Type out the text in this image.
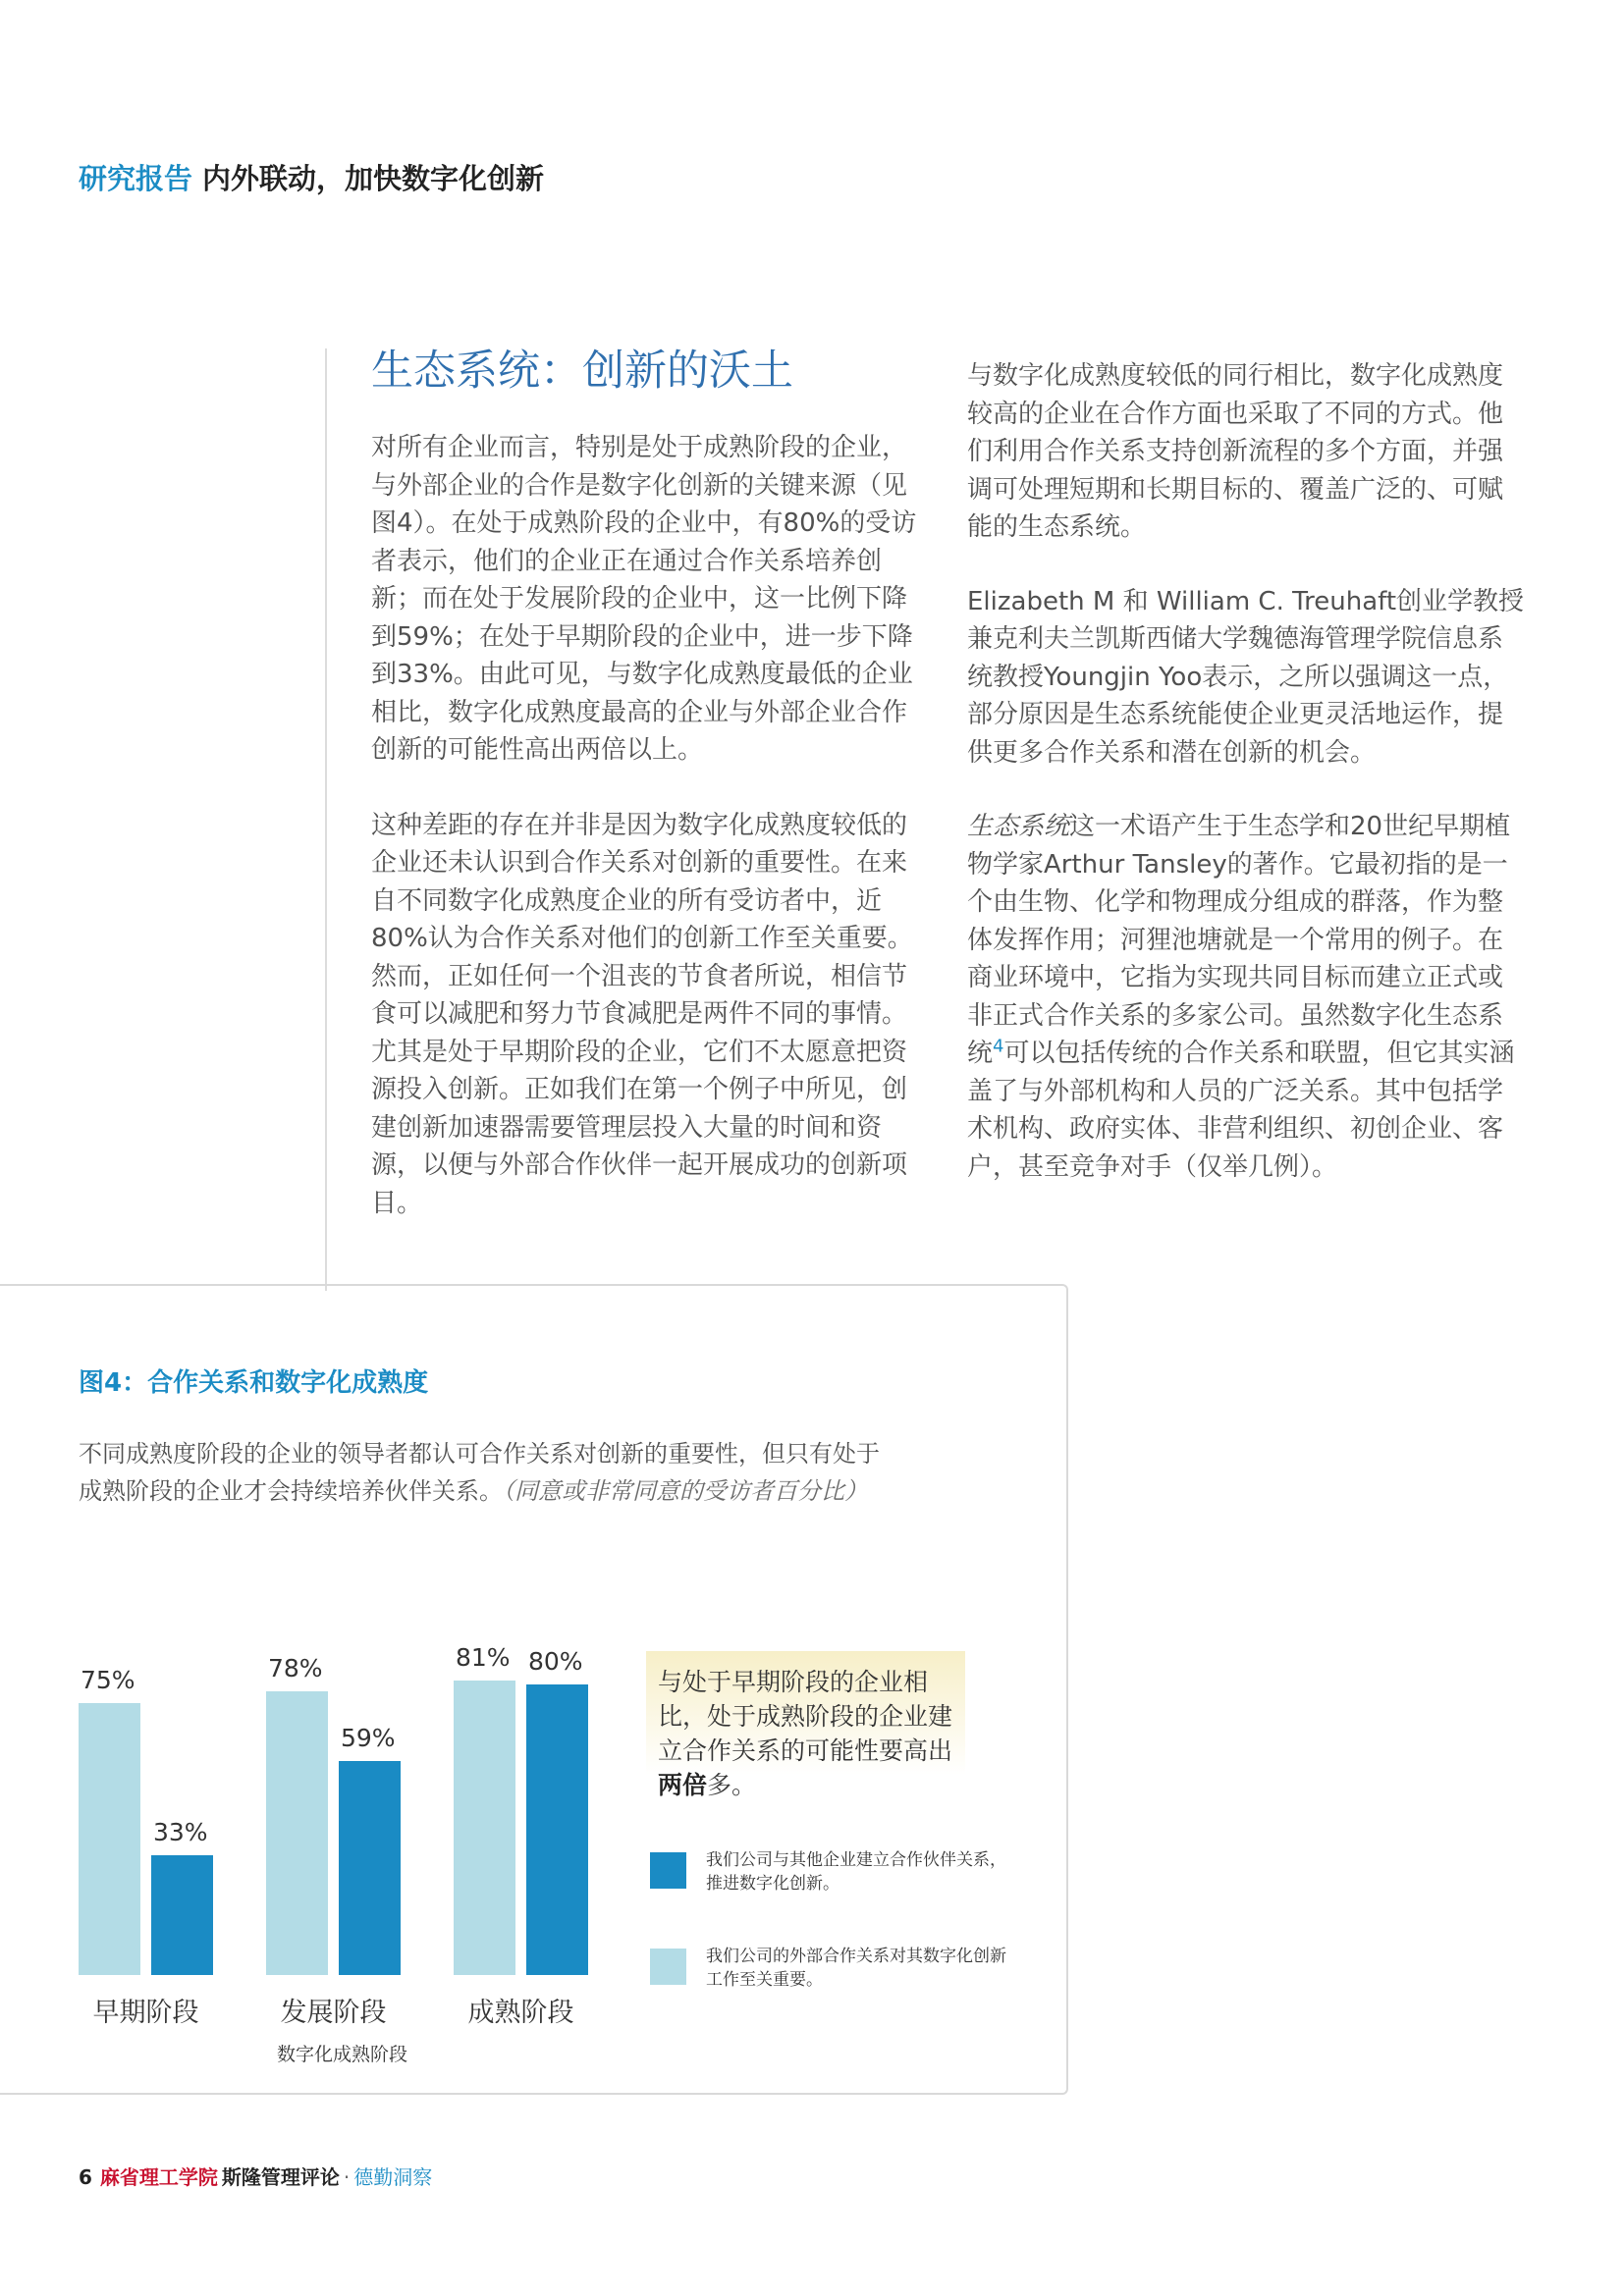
研究报告 内外联动，加快数字化创新
生态系统：创新的沃土

对所有企业而言，特别是处于成熟阶段的企业，与外部企业的合作是数字化创新的关键来源（见图4）。在处于成熟阶段的企业中，有80%的受访者表示，他们的企业正在通过合作关系培养创新；而在处于发展阶段的企业中，这一比例下降到59%；在处于早期阶段的企业中，进一步下降到33%。由此可见，与数字化成熟度最低的企业相比，数字化成熟度最高的企业与外部企业合作创新的可能性高出两倍以上。

这种差距的存在并非是因为数字化成熟度较低的企业还未认识到合作关系对创新的重要性。在来自不同数字化成熟度企业的所有受访者中，近80%认为合作关系对他们的创新工作至关重要。然而，正如任何一个沮丧的节食者所说，相信节食可以减肥和努力节食减肥是两件不同的事情。尤其是处于早期阶段的企业，它们不太愿意把资源投入创新。正如我们在第一个例子中所见，创建创新加速器需要管理层投入大量的时间和资源，以便与外部合作伙伴一起开展成功的创新项目。

与数字化成熟度较低的同行相比，数字化成熟度较高的企业在合作方面也采取了不同的方式。他们利用合作关系支持创新流程的多个方面，并强调可处理短期和长期目标的、覆盖广泛的、可赋能的生态系统。

Elizabeth M 和 William C. Treuhaft创业学教授兼克利夫兰凯斯西储大学魏德海管理学院信息系统教授Youngjin Yoo表示，之所以强调这一点，部分原因是生态系统能使企业更灵活地运作，提供更多合作关系和潜在创新的机会。

生态系统这一术语产生于生态学和20世纪早期植物学家Arthur Tansley的著作。它最初指的是一个由生物、化学和物理成分组成的群落，作为整体发挥作用；河狸池塘就是一个常用的例子。在商业环境中，它指为实现共同目标而建立正式或非正式合作关系的多家公司。虽然数字化生态系统$^4$可以包括传统的合作关系和联盟，但它其实涵盖了与外部机构和人员的广泛关系。其中包括学术机构、政府实体、非营利组织、初创企业、客户，甚至竞争对手（仅举几例）。

图4：合作关系和数字化成熟度
不同成熟度阶段的企业的领导者都认可合作关系对创新的重要性，但只有处于成熟阶段的企业才会持续培养伙伴关系。（同意或非常同意的受访者百分比）
75%
33%
早期阶段
78%
59%
发展阶段
81% 80%
成熟阶段
数字化成熟阶段
与处于早期阶段的企业相比，处于成熟阶段的企业建立合作关系的可能性要高出两倍多。
我们公司与其他企业建立合作伙伴关系，推进数字化创新。
我们公司的外部合作关系对其数字化创新工作至关重要。
6 麻省理工学院 斯隆管理评论 · 德勤洞察
